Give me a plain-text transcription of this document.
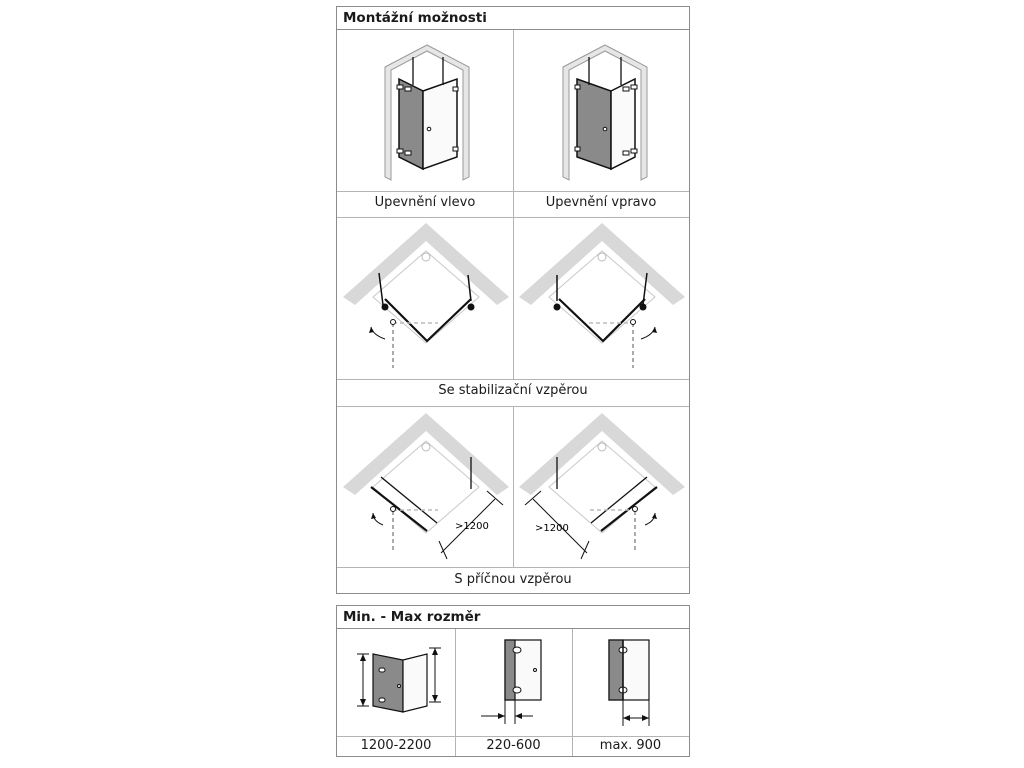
Montážní možnosti
Upevnění vlevo	Upevnění vpravo
Se stabilizační vzpěrou
>1200	>1200
S příčnou vzpěrou
Min. - Max rozměr
1200-2200	220-600	max. 900
